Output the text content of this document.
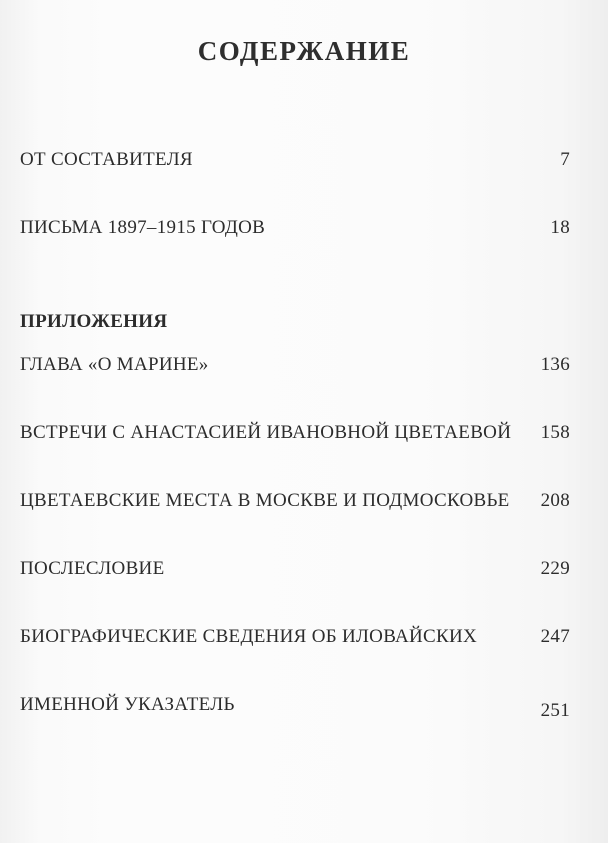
СОДЕРЖАНИЕ
ОТ СОСТАВИТЕЛЯ	7
ПИСЬМА 1897–1915 ГОДОВ	18
ПРИЛОЖЕНИЯ
ГЛАВА «О МАРИНЕ»	136
ВСТРЕЧИ С АНАСТАСИЕЙ ИВАНОВНОЙ ЦВЕТАЕВОЙ 158
ЦВЕТАЕВСКИЕ МЕСТА В МОСКВЕ И ПОДМОСКОВЬЕ 208
ПОСЛЕСЛОВИЕ	229
БИОГРАФИЧЕСКИЕ СВЕДЕНИЯ ОБ ИЛОВАЙСКИХ	247
ИМЕННОЙ УКАЗАТЕЛЬ	251
